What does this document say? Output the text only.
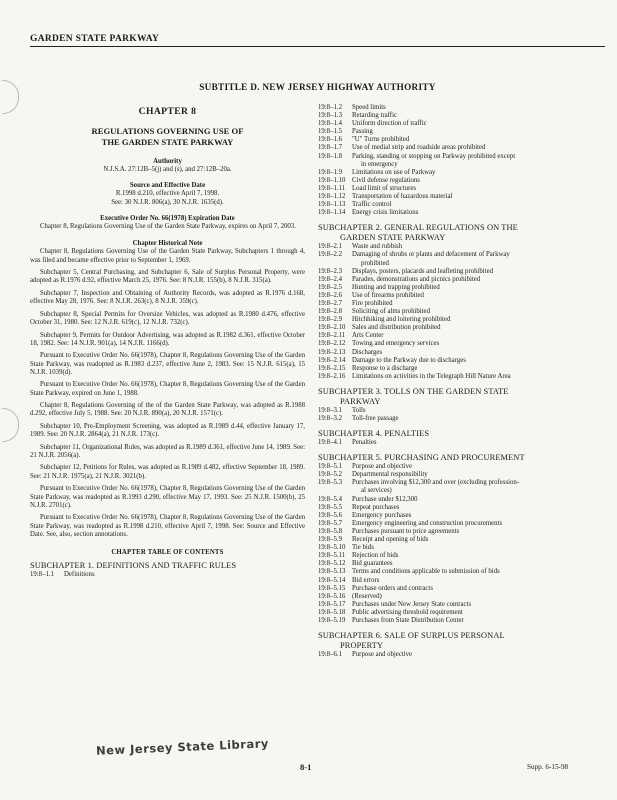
GARDEN STATE PARKWAY
SUBTITLE D. NEW JERSEY HIGHWAY AUTHORITY
CHAPTER 8
REGULATIONS GOVERNING USE OF
THE GARDEN STATE PARKWAY
Authority
N.J.S.A. 27:12B–5(j) and (s), and 27:12B–20a.
Source and Effective Date
R.1998 d.210, effective April 7, 1998.
See: 30 N.J.R. 806(a), 30 N.J.R. 1635(d).
Executive Order No. 66(1978) Expiration Date

Chapter 8, Regulations Governing Use of the Garden State Parkway, expires on April 7, 2003.

Chapter Historical Note

Chapter 8, Regulations Governing Use of the Garden State Parkway, Subchapters 1 through 4, was filed and became effective prior to September 1, 1969.

Subchapter 5, Central Purchasing, and Subchapter 6, Sale of Surplus Personal Property, were adopted as R.1976 d.92, effective March 25, 1976. See: 8 N.J.R. 155(b), 8 N.J.R. 315(a).

Subchapter 7, Inspection and Obtaining of Authority Records, was adopted as R.1976 d.168, effective May 28, 1976. See: 8 N.J.R. 263(c), 8 N.J.R. 359(c).

Subchapter 8, Special Permits for Oversize Vehicles, was adopted as R.1980 d.476, effective October 31, 1980. See: 12 N.J.R. 619(c), 12 N.J.R. 732(c).

Subchapter 9, Permits for Outdoor Advertising, was adopted as R.1982 d.361, effective October 18, 1982. See: 14 N.J.R. 901(a), 14 N.J.R. 1166(d).

Pursuant to Executive Order No. 66(1978), Chapter 8, Regulations Governing Use of the Garden State Parkway, was readopted as R.1983 d.237, effective June 2, 1983. See: 15 N.J.R. 615(a), 15 N.J.R. 1039(d).

Pursuant to Executive Order No. 66(1978), Chapter 8, Regulations Governing Use of the Garden State Parkway, expired on June 1, 1988.

Chapter 8, Regulations Governing of the of the Garden State Parkway, was adopted as R.1988 d.292, effective July 5, 1988. See: 20 N.J.R. 890(a), 20 N.J.R. 1571(c).

Subchapter 10, Pre-Employment Screening, was adopted as R.1989 d.44, effective January 17, 1989. See: 20 N.J.R. 2864(a), 21 N.J.R. 173(c).

Subchapter 11, Organizational Rules, was adopted as R.1989 d.361, effective June 14, 1989. See: 21 N.J.R. 2056(a).

Subchapter 12, Petitions for Rules, was adopted as R.1989 d.482, effective September 18, 1989. See: 21 N.J.R. 1975(a), 21 N.J.R. 3021(b).

Pursuant to Executive Order No. 66(1978), Chapter 8, Regulations Governing Use of the Garden State Parkway, was readopted as R.1993 d.290, effective May 17, 1993. See: 25 N.J.R. 1500(b), 25 N.J.R. 2701(c).

Pursuant to Executive Order No. 66(1978), Chapter 8, Regulations Governing Use of the Garden State Parkway, was readopted as R.1998 d.210, effective April 7, 1998. See: Source and Effective Date. See, also, section annotations.

CHAPTER TABLE OF CONTENTS
SUBCHAPTER 1. DEFINITIONS AND TRAFFIC RULES
19:8–1.1	Definitions
19:8–1.2	Speed limits
19:8–1.3	Retarding traffic
19:8–1.4	Uniform direction of traffic
19:8–1.5	Passing
19:8–1.6	"U" Turns prohibited
19:8–1.7	Use of medial strip and roadside areas prohibited
19:8–1.8	Parking, standing or stopping on Parkway prohibited except
in emergency
19:8–1.9	Limitations on use of Parkway
19:8–1.10 Civil defense regulations
19:8–1.11	Load limit of structures
19:8–1.12 Transportation of hazardous material
19:8–1.13 Traffic control
19:8–1.14 Energy crisis limitations
SUBCHAPTER 2. GENERAL REGULATIONS ON THE
GARDEN STATE PARKWAY
19:8–2.1	Waste and rubbish
19:8–2.2	Damaging of shrubs or plants and defacement of Parkway
prohibited
19:8–2.3	Displays, posters, placards and leafleting prohibited
19:8–2.4	Parades, demonstrations and picnics prohibited
19:8–2.5	Hunting and trapping prohibited
19:8–2.6	Use of firearms prohibited
19:8–2.7	Fire prohibited
19:8–2.8	Soliciting of alms prohibited
19:8–2.9	Hitchhiking and loitering prohibited
19:8–2.10 Sales and distribution prohibited
19:8–2.11	Arts Center
19:8–2.12 Towing and emergency services
19:8–2.13 Discharges
19:8–2.14 Damage to the Parkway due to discharges
19:8–2.15 Response to a discharge
19:8–2.16 Limitations on activities in the Telegraph Hill Nature Area
SUBCHAPTER 3. TOLLS ON THE GARDEN STATE
PARKWAY
19:8–3.1	Tolls
19:8–3.2	Toll-free passage
SUBCHAPTER 4. PENALTIES
19:8–4.1	Penalties
SUBCHAPTER 5. PURCHASING AND PROCUREMENT
19:8–5.1	Purpose and objective
19:8–5.2	Departmental responsibility
19:8–5.3	Purchases involving $12,300 and over (excluding profession-
al services)
19:8–5.4	Purchase under $12,300
19:8–5.5	Repeat purchases
19:8–5.6	Emergency purchases
19:8–5.7	Emergency engineering and construction procurements
19:8–5.8	Purchases pursuant to price agreements
19:8–5.9	Receipt and opening of bids
19:8–5.10 Tie bids
19:8–5.11	Rejection of bids
19:8–5.12 Bid guarantees
19:8–5.13 Terms and conditions applicable to submission of bids
19:8–5.14 Bid errors
19:8–5.15 Purchase orders and contracts
19:8–5.16 (Reserved)
19:8–5.17 Purchases under New Jersey State contracts
19:8–5.18 Public advertising threshold requirement
19:8–5.19 Purchases from State Distribution Center
SUBCHAPTER 6. SALE OF SURPLUS PERSONAL
PROPERTY
19:8–6.1	Purpose and objective
New Jersey State Library
8-1	Supp. 6-15-98
